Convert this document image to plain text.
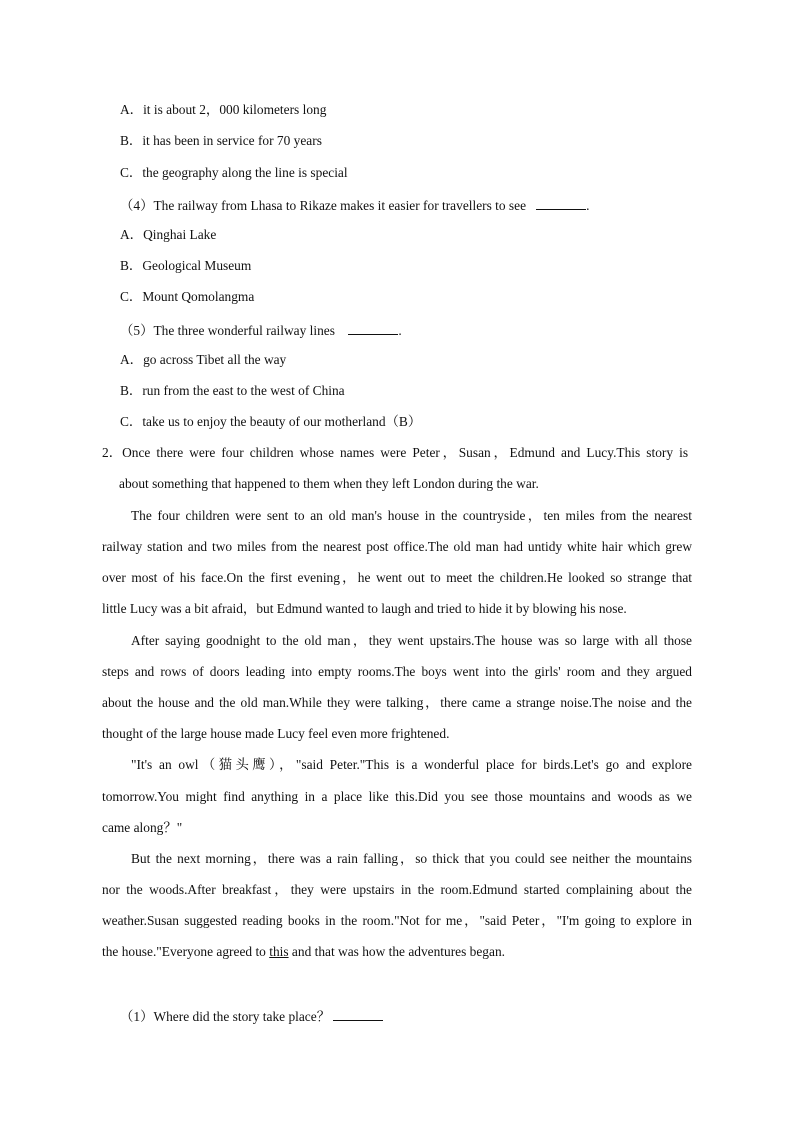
A．it is about 2，000 kilometers long
B．it has been in service for 70 years
C．the geography along the line is special
（4）The railway from Lhasa to Rikaze makes it easier for travellers to see	.
A．Qinghai Lake
B．Geological Museum
C．Mount Qomolangma
（5）The three wonderful railway lines	.
A．go across Tibet all the way
B．run from the east to the west of China
C．take us to enjoy the beauty of our motherland（B）
2．Once there were four children whose names were Peter，Susan，Edmund and Lucy.This story is
about something that happened to them when they left London during the war.
The four children were sent to an old man's house in the countryside，ten miles from the nearest
railway station and two miles from the nearest post office.The old man had untidy white hair which grew
over most of his face.On the first evening，he went out to meet the children.He looked so strange that
little Lucy was a bit afraid，but Edmund wanted to laugh and tried to hide it by blowing his nose.
After saying goodnight to the old man，they went upstairs.The house was so large with all those
steps and rows of doors leading into empty rooms.The boys went into the girls' room and they argued
about the house and the old man.While they were talking，there came a strange noise.The noise and the
thought of the large house made Lucy feel even more frightened.
"It's an owl（猫头鹰），"said Peter."This is a wonderful place for birds.Let's go and explore
tomorrow.You might find anything in a place like this.Did you see those mountains and woods as we
came along？"
But the next morning，there was a rain falling，so thick that you could see neither the mountains
nor the woods.After breakfast，they were upstairs in the room.Edmund started complaining about the
weather.Susan suggested reading books in the room."Not for me，"said Peter，"I'm going to explore in
the house."Everyone agreed to this and that was how the adventures began.
（1）Where did the story take place？
